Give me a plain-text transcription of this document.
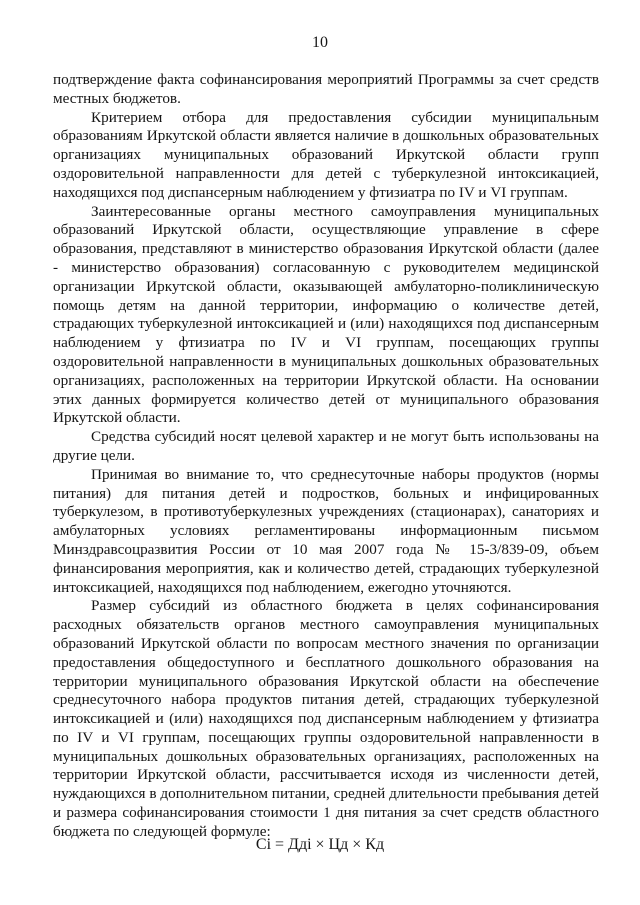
10

подтверждение факта софинансирования мероприятий Программы за счет средств местных бюджетов.

Критерием отбора для предоставления субсидии муниципальным образованиям Иркутской области является наличие в дошкольных образовательных организациях муниципальных образований Иркутской области групп оздоровительной направленности для детей с туберкулезной интоксикацией, находящихся под диспансерным наблюдением у фтизиатра по IV и VI группам.

Заинтересованные органы местного самоуправления муниципальных образований Иркутской области, осуществляющие управление в сфере образования, представляют в министерство образования Иркутской области (далее - министерство образования) согласованную с руководителем медицинской организации Иркутской области, оказывающей амбулаторно-поликлиническую помощь детям на данной территории, информацию о количестве детей, страдающих туберкулезной интоксикацией и (или) находящихся под диспансерным наблюдением у фтизиатра по IV и VI группам, посещающих группы оздоровительной направленности в муниципальных дошкольных образовательных организациях, расположенных на территории Иркутской области. На основании этих данных формируется количество детей от муниципального образования Иркутской области.

Средства субсидий носят целевой характер и не могут быть использованы на другие цели.

Принимая во внимание то, что среднесуточные наборы продуктов (нормы питания) для питания детей и подростков, больных и инфицированных туберкулезом, в противотуберкулезных учреждениях (стационарах), санаториях и амбулаторных условиях регламентированы информационным письмом Минздравсоцразвития России от 10 мая 2007 года № 15-3/839-09, объем финансирования мероприятия, как и количество детей, страдающих туберкулезной интоксикацией, находящихся под наблюдением, ежегодно уточняются.

Размер субсидий из областного бюджета в целях софинансирования расходных обязательств органов местного самоуправления муниципальных образований Иркутской области по вопросам местного значения по организации предоставления общедоступного и бесплатного дошкольного образования на территории муниципального образования Иркутской области на обеспечение среднесуточного набора продуктов питания детей, страдающих туберкулезной интоксикацией и (или) находящихся под диспансерным наблюдением у фтизиатра по IV и VI группам, посещающих группы оздоровительной направленности в муниципальных дошкольных образовательных организациях, расположенных на территории Иркутской области, рассчитывается исходя из численности детей, нуждающихся в дополнительном питании, средней длительности пребывания детей и размера софинансирования стоимости 1 дня питания за счет средств областного бюджета по следующей формуле:

Сi = Ддi × Цд × Кд
